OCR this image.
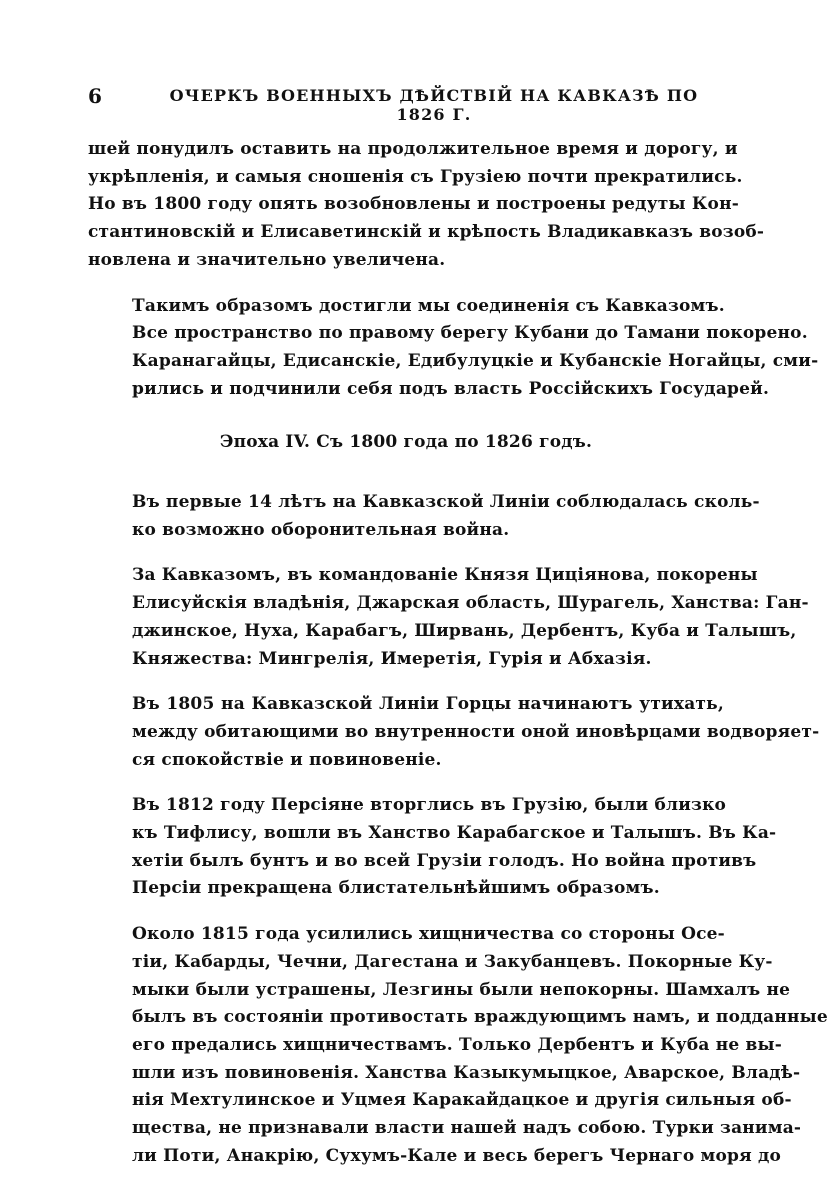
6	ОЧЕРКЪ ВОЕННЫХЪ ДѢЙСТВІЙ НА КАВКАЗѢ ПО 1826 Г.

шей понудилъ оставить на продолжительное время и дорогу, и
укрѣпленія, и самыя сношенія съ Грузіею почти прекратились.
Но въ 1800 году опять возобновлены и построены редуты Кон-
стантиновскій и Елисаветинскій и крѣпость Владикавказъ возоб-
новлена и значительно увеличена.

Такимъ образомъ достигли мы соединенія съ Кавказомъ.
Все пространство по правому берегу Кубани до Тамани покорено.
Каранагайцы, Едисанскіе, Едибулуцкіе и Кубанскіе Ногайцы, сми-
рились и подчинили себя подъ власть Россійскихъ Государей.

Эпоха IV. Съ 1800 года по 1826 годъ.

Въ первые 14 лѣтъ на Кавказской Линіи соблюдалась сколь-
ко возможно оборонительная война.

За Кавказомъ, въ командованіе Князя Циціянова, покорены
Елисуйскія владѣнія, Джарская область, Шурагель, Ханства: Ган-
джинское, Нуха, Карабагъ, Ширвань, Дербентъ, Куба и Талышъ,
Княжества: Мингрелія, Имеретія, Гурія и Абхазія.

Въ 1805 на Кавказской Линіи Горцы начинаютъ утихать,
между обитающими во внутренности оной иновѣрцами водворяет-
ся спокойствіе и повиновеніе.

Въ 1812 году Персіяне вторглись въ Грузію, были близко
къ Тифлису, вошли въ Ханство Карабагское и Талышъ. Въ Ка-
хетіи былъ бунтъ и во всей Грузіи голодъ. Но война противъ
Персіи прекращена блистательнѣйшимъ образомъ.

Около 1815 года усилились хищничества со стороны Осе-
тіи, Кабарды, Чечни, Дагестана и Закубанцевъ. Покорные Ку-
мыки были устрашены, Лезгины были непокорны. Шамхалъ не
былъ въ состояніи противостать враждующимъ намъ, и подданные
его предались хищничествамъ. Только Дербентъ и Куба не вы-
шли изъ повиновенія. Ханства Казыкумыцкое, Аварское, Владѣ-
нія Мехтулинское и Уцмея Каракайдацкое и другія сильныя об-
щества, не признавали власти нашей надъ собою. Турки занима-
ли Поти, Анакрію, Сухумъ-Кале и весь берегъ Чернаго моря до
